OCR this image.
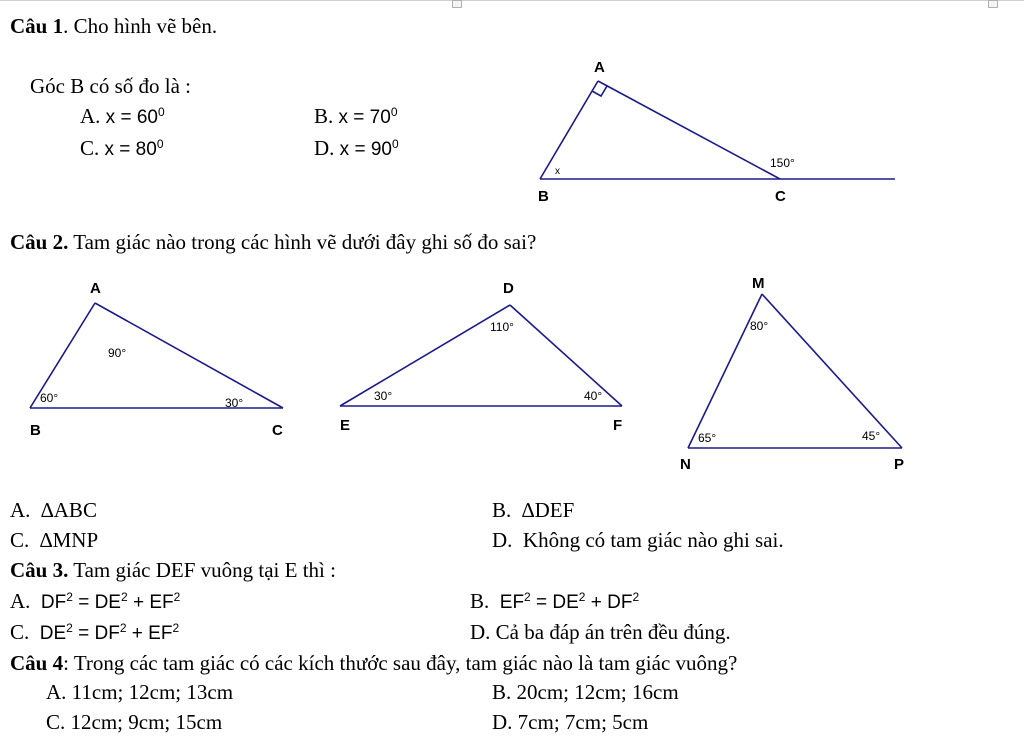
Câu 1. Cho hình vẽ bên.
Góc B có số đo là :
A. $x = 60^0$	B. $x = 70^0$
C. $x = 80^0$	D. $x = 90^0$
A
B	C
x
150°
Câu 2. Tam giác nào trong các hình vẽ dưới đây ghi số đo sai?
A
B	C
90°
60°	30°
D
E	F
110°
30°	40°
M
N	P
80°
65°	45°
A. ∆ABC	B. ∆DEF
C. ∆MNP	D. Không có tam giác nào ghi sai.
Câu 3. Tam giác DEF vuông tại E thì :
A. $DF^2 = DE^2 + EF^2$	B. $EF^2 = DE^2 + DF^2$
C. $DE^2 = DF^2 + EF^2$	D. Cả ba đáp án trên đều đúng.
Câu 4: Trong các tam giác có các kích thước sau đây, tam giác nào là tam giác vuông?
A. 11cm; 12cm; 13cm	B. 20cm; 12cm; 16cm
C. 12cm; 9cm; 15cm	D. 7cm; 7cm; 5cm
